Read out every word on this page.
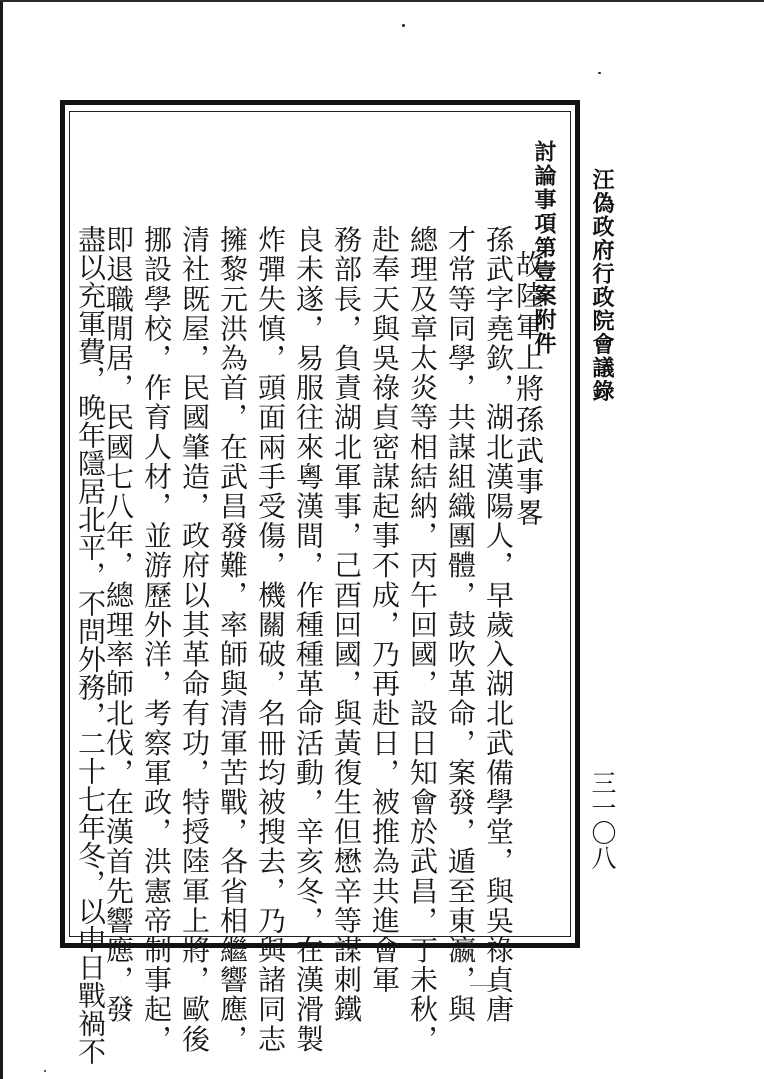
汪偽政府行政院會議錄
討論事項第壹案附件
故陸軍上將孫武事畧
孫武字堯欽，湖北漢陽人，早歲入湖北武備學堂，與吳祿貞唐
才常等同學，共謀組織團體，鼓吹革命，案發，遁至東瀛，與
總理及章太炎等相結納，丙午回國，設日知會於武昌，丁未秋，
赴奉天與吳祿貞密謀起事不成，乃再赴日，被推為共進會軍
務部長，負責湖北軍事，己酉回國，與黃復生但懋辛等謀刺鐵
良未遂，易服往來粵漢間，作種種革命活動，辛亥冬，在漢滑製
炸彈失慎，頭面兩手受傷，機關破，名冊均被搜去，乃與諸同志
擁黎元洪為首，在武昌發難，率師與清軍苦戰，各省相繼響應，
清社既屋，民國肇造，政府以其革命有功，特授陸軍上將，歐後
挪設學校，作育人材，並游歷外洋，考察軍政，洪憲帝制事起，
即退職閒居，民國七八年，總理率師北伐，在漢首先響應，發
盡以充軍費，晚年隱居北平，不問外務，二十七年冬，以中日戰禍不	三一〇八
